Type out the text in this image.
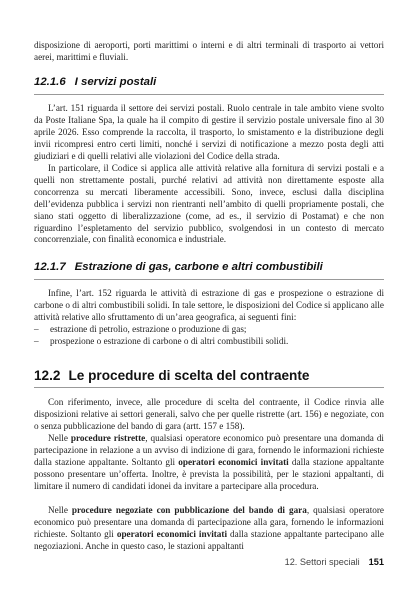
disposizione di aeroporti, porti marittimi o interni e di altri terminali di trasporto ai vettori aerei, marittimi e fluviali.

12.1.6 I servizi postali

L’art. 151 riguarda il settore dei servizi postali. Ruolo centrale in tale ambito viene svolto da Poste Italiane Spa, la quale ha il compito di gestire il servizio postale universale fino al 30 aprile 2026. Esso comprende la raccolta, il trasporto, lo smistamento e la distribuzione degli invii ricompresi entro certi limiti, nonché i servizi di notificazione a mezzo posta degli atti giudiziari e di quelli relativi alle violazioni del Codice della strada.

In particolare, il Codice si applica alle attività relative alla fornitura di servizi postali e a quelli non strettamente postali, purché relativi ad attività non direttamente esposte alla concorrenza su mercati liberamente accessibili. Sono, invece, esclusi dalla disciplina dell’evidenza pubblica i servizi non rientranti nell’ambito di quelli propriamente postali, che siano stati oggetto di liberalizzazione (come, ad es., il servizio di Postamat) e che non riguardino l’espletamento del servizio pubblico, svolgendosi in un contesto di mercato concorrenziale, con finalità economica e industriale.

12.1.7 Estrazione di gas, carbone e altri combustibili

Infine, l’art. 152 riguarda le attività di estrazione di gas e prospezione o estrazione di carbone o di altri combustibili solidi. In tale settore, le disposizioni del Codice si applicano alle attività relative allo sfruttamento di un’area geografica, ai seguenti fini:

– estrazione di petrolio, estrazione o produzione di gas;
– prospezione o estrazione di carbone o di altri combustibili solidi.
12.2 Le procedure di scelta del contraente

Con riferimento, invece, alle procedure di scelta del contraente, il Codice rinvia alle disposizioni relative ai settori generali, salvo che per quelle ristrette (art. 156) e negoziate, con o senza pubblicazione del bando di gara (artt. 157 e 158).

Nelle procedure ristrette, qualsiasi operatore economico può presentare una domanda di partecipazione in relazione a un avviso di indizione di gara, fornendo le informazioni richieste dalla stazione appaltante. Soltanto gli operatori economici invitati dalla stazione appaltante possono presentare un’offerta. Inoltre, è prevista la possibilità, per le stazioni appaltanti, di limitare il numero di candidati idonei da invitare a partecipare alla procedura.

Nelle procedure negoziate con pubblicazione del bando di gara, qualsiasi operatore economico può presentare una domanda di partecipazione alla gara, fornendo le informazioni richieste. Soltanto gli operatori economici invitati dalla stazione appaltante partecipano alle negoziazioni. Anche in questo caso, le stazioni appaltanti

12. Settori speciali 151
